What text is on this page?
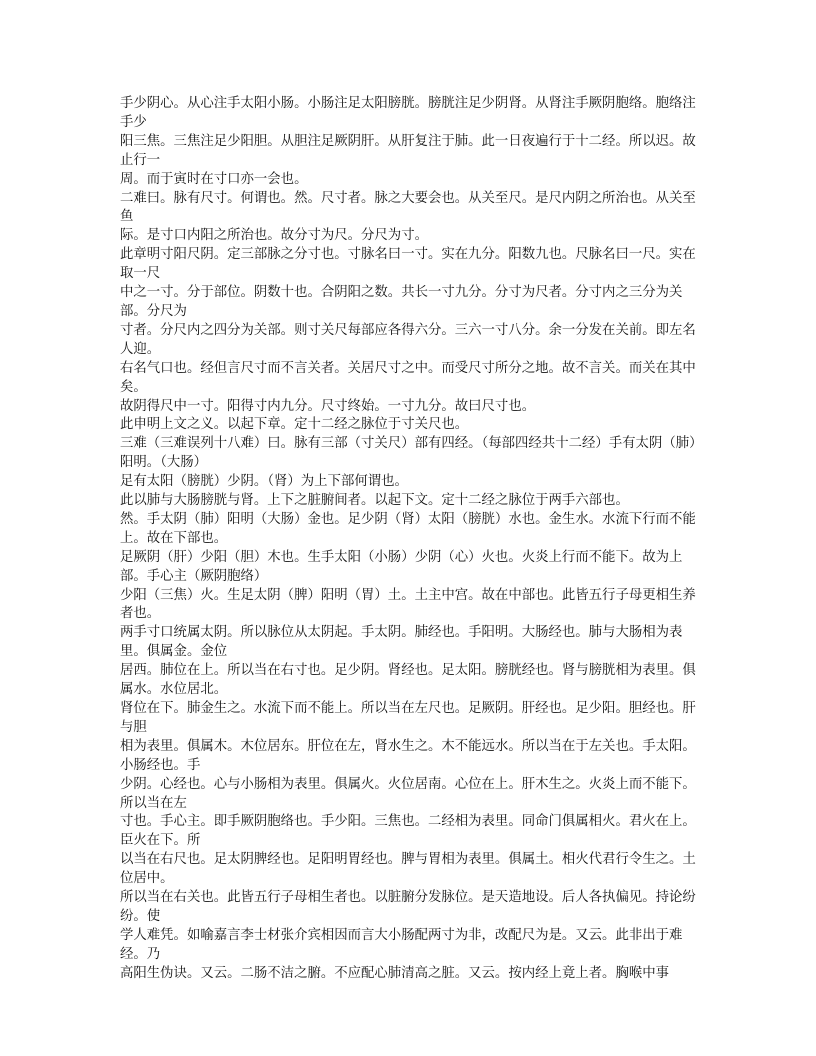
手少阴心。从心注手太阳小肠。小肠注足太阳膀胱。膀胱注足少阴肾。从肾注手厥阴胞络。胞络注手少

阳三焦。三焦注足少阳胆。从胆注足厥阴肝。从肝复注于肺。此一日夜遍行于十二经。所以迟。故止行一

周。而于寅时在寸口亦一会也。

二难曰。脉有尺寸。何谓也。然。尺寸者。脉之大要会也。从关至尺。是尺内阴之所治也。从关至鱼

际。是寸口内阳之所治也。故分寸为尺。分尺为寸。

此章明寸阳尺阴。定三部脉之分寸也。寸脉名曰一寸。实在九分。阳数九也。尺脉名曰一尺。实在取一尺

中之一寸。分于部位。阴数十也。合阴阳之数。共长一寸九分。分寸为尺者。分寸内之三分为关部。分尺为

寸者。分尺内之四分为关部。则寸关尺每部应各得六分。三六一寸八分。余一分发在关前。即左名人迎。

右名气口也。经但言尺寸而不言关者。关居尺寸之中。而受尺寸所分之地。故不言关。而关在其中矣。

故阴得尺中一寸。阳得寸内九分。尺寸终始。一寸九分。故曰尺寸也。

此申明上文之义。以起下章。定十二经之脉位于寸关尺也。

三难（三难误列十八难）曰。脉有三部（寸关尺）部有四经。（每部四经共十二经）手有太阴（肺）阳明。（大肠）

足有太阳（膀胱）少阴。（肾）为上下部何谓也。

此以肺与大肠膀胱与肾。上下之脏腑间者。以起下文。定十二经之脉位于两手六部也。

然。手太阴（肺）阳明（大肠）金也。足少阴（肾）太阳（膀胱）水也。金生水。水流下行而不能上。故在下部也。

足厥阴（肝）少阳（胆）木也。生手太阳（小肠）少阴（心）火也。火炎上行而不能下。故为上部。手心主（厥阴胞络）

少阳（三焦）火。生足太阴（脾）阳明（胃）土。土主中宫。故在中部也。此皆五行子母更相生养者也。

两手寸口统属太阴。所以脉位从太阴起。手太阴。肺经也。手阳明。大肠经也。肺与大肠相为表里。俱属金。金位

居西。肺位在上。所以当在右寸也。足少阴。肾经也。足太阳。膀胱经也。肾与膀胱相为表里。俱属水。水位居北。

肾位在下。肺金生之。水流下而不能上。所以当在左尺也。足厥阴。肝经也。足少阳。胆经也。肝与胆

相为表里。俱属木。木位居东。肝位在左，肾水生之。木不能远水。所以当在于左关也。手太阳。小肠经也。手

少阴。心经也。心与小肠相为表里。俱属火。火位居南。心位在上。肝木生之。火炎上而不能下。所以当在左

寸也。手心主。即手厥阴胞络也。手少阳。三焦也。二经相为表里。同命门俱属相火。君火在上。臣火在下。所

以当在右尺也。足太阴脾经也。足阳明胃经也。脾与胃相为表里。俱属土。相火代君行令生之。土位居中。

所以当在右关也。此皆五行子母相生者也。以脏腑分发脉位。是天造地设。后人各执偏见。持论纷纷。使

学人难凭。如喻嘉言李士材张介宾相因而言大小肠配两寸为非，改配尺为是。又云。此非出于难经。乃

高阳生伪诀。又云。二肠不洁之腑。不应配心肺清高之脏。又云。按内经上竟上者。胸喉中事
